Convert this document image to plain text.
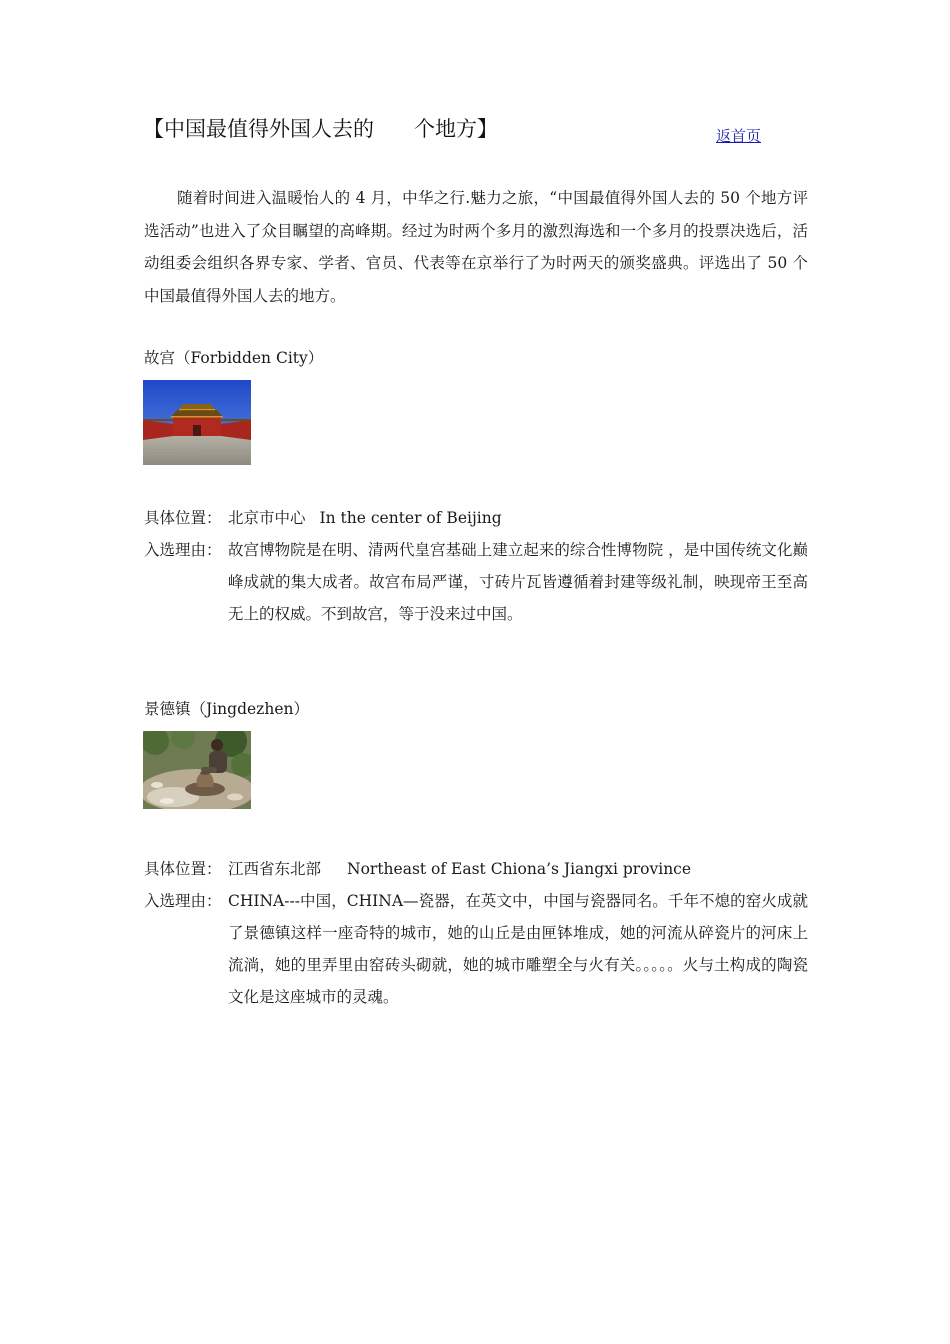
【中国最值得外国人去的      个地方】	返首页

随着时间进入温暖怡人的 4 月，中华之行.魅力之旅，“中国最值得外国人去的 50 个地方评选活动”也进入了众目瞩望的高峰期。经过为时两个多月的激烈海选和一个多月的投票决选后，活动组委会组织各界专家、学者、官员、代表等在京举行了为时两天的颁奖盛典。评选出了 50 个中国最值得外国人去的地方。

故宫（Forbidden City）

具体位置： 北京市中心 In the center of Beijing
入选理由： 故宫博物院是在明、清两代皇宫基础上建立起来的综合性博物院 ，是中国传统文化巅峰成就的集大成者。故宫布局严谨，寸砖片瓦皆遵循着封建等级礼制，映现帝王至高无上的权威。不到故宫，等于没来过中国。

景德镇（Jingdezhen）

具体位置： 江西省东北部 Northeast of East Chiona’s Jiangxi province
入选理由： CHINA---中国，CHINA—瓷器，在英文中，中国与瓷器同名。千年不熄的窑火成就了景德镇这样一座奇特的城市，她的山丘是由匣钵堆成，她的河流从碎瓷片的河床上流淌，她的里弄里由窑砖头砌就，她的城市雕塑全与火有关。。。。。火与土构成的陶瓷文化是这座城市的灵魂。
